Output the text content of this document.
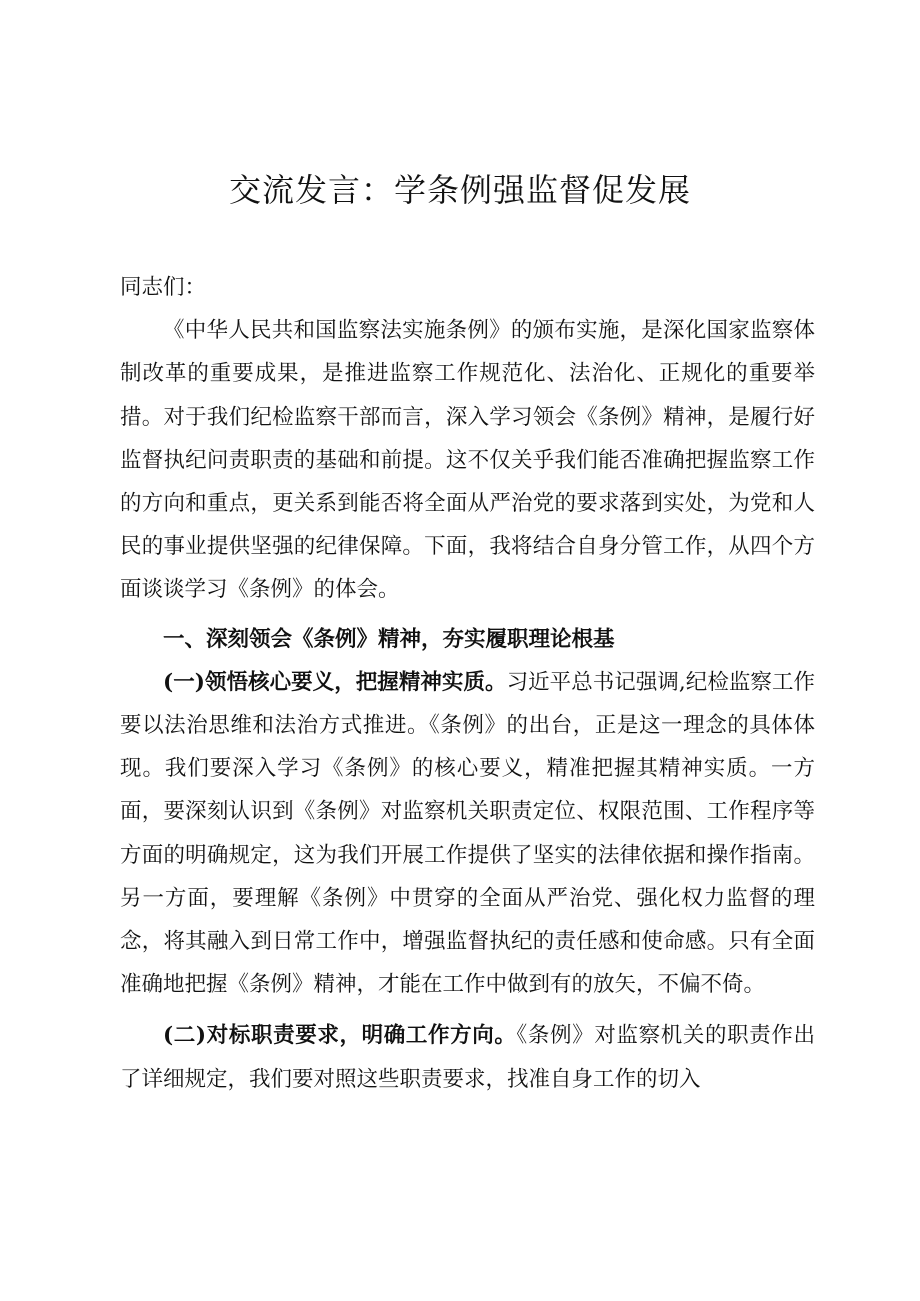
交流发言：学条例强监督促发展

同志们：

《中华人民共和国监察法实施条例》的颁布实施，是深化国家监察体制改革的重要成果，是推进监察工作规范化、法治化、正规化的重要举措。对于我们纪检监察干部而言，深入学习领会《条例》精神，是履行好监督执纪问责职责的基础和前提。这不仅关乎我们能否准确把握监察工作的方向和重点，更关系到能否将全面从严治党的要求落到实处，为党和人民的事业提供坚强的纪律保障。下面，我将结合自身分管工作，从四个方面谈谈学习《条例》的体会。

一、深刻领会《条例》精神，夯实履职理论根基

(一)领悟核心要义，把握精神实质。习近平总书记强调,纪检监察工作要以法治思维和法治方式推进。《条例》的出台，正是这一理念的具体体现。我们要深入学习《条例》的核心要义，精准把握其精神实质。一方面，要深刻认识到《条例》对监察机关职责定位、权限范围、工作程序等方面的明确规定，这为我们开展工作提供了坚实的法律依据和操作指南。另一方面，要理解《条例》中贯穿的全面从严治党、强化权力监督的理念，将其融入到日常工作中，增强监督执纪的责任感和使命感。只有全面准确地把握《条例》精神，才能在工作中做到有的放矢，不偏不倚。

(二)对标职责要求，明确工作方向。《条例》对监察机关的职责作出了详细规定，我们要对照这些职责要求，找准自身工作的切入
